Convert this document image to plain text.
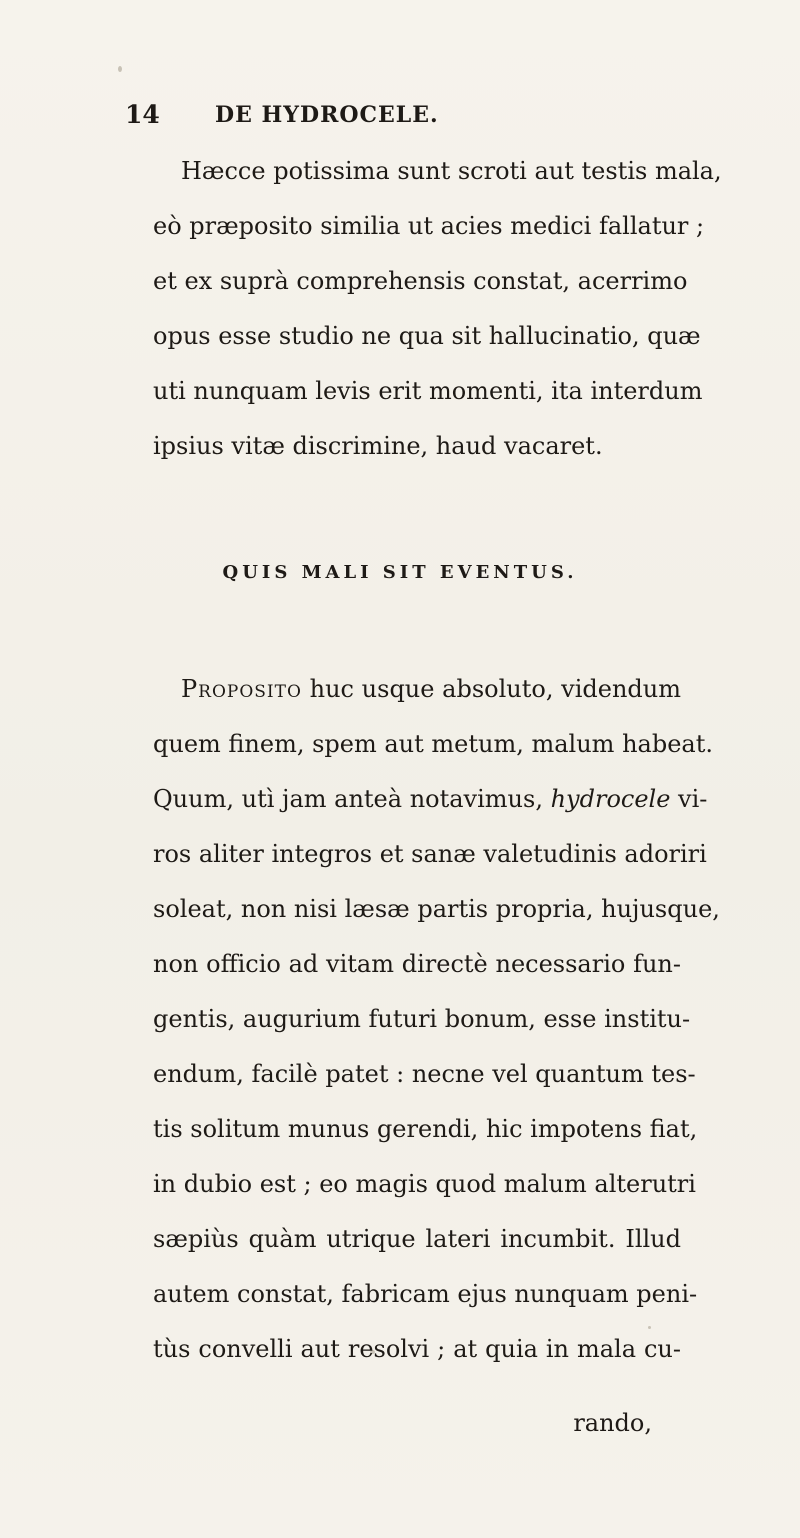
14	DE HYDROCELE.
Hæcce potissima sunt scroti aut testis mala,
eò præposito similia ut acies medici fallatur ;
et ex suprà comprehensis constat, acerrimo
opus esse studio ne qua sit hallucinatio, quæ
uti nunquam levis erit momenti, ita interdum
ipsius vitæ discrimine, haud vacaret.
QUIS MALI SIT EVENTUS.
Proposito huc usque absoluto, videndum
quem finem, spem aut metum, malum habeat.
Quum, utì jam anteà notavimus, hydrocele vi-
ros aliter integros et sanæ valetudinis adoriri
soleat, non nisi læsæ partis propria, hujusque,
non officio ad vitam directè necessario fun-
gentis, augurium futuri bonum, esse institu-
endum, facilè patet : necne vel quantum tes-
tis solitum munus gerendi, hic impotens fiat,
in dubio est ; eo magis quod malum alterutri
sæpiùs quàm utrique lateri incumbit. Illud
autem constat, fabricam ejus nunquam peni-
tùs convelli aut resolvi ; at quia in mala cu-
rando,
